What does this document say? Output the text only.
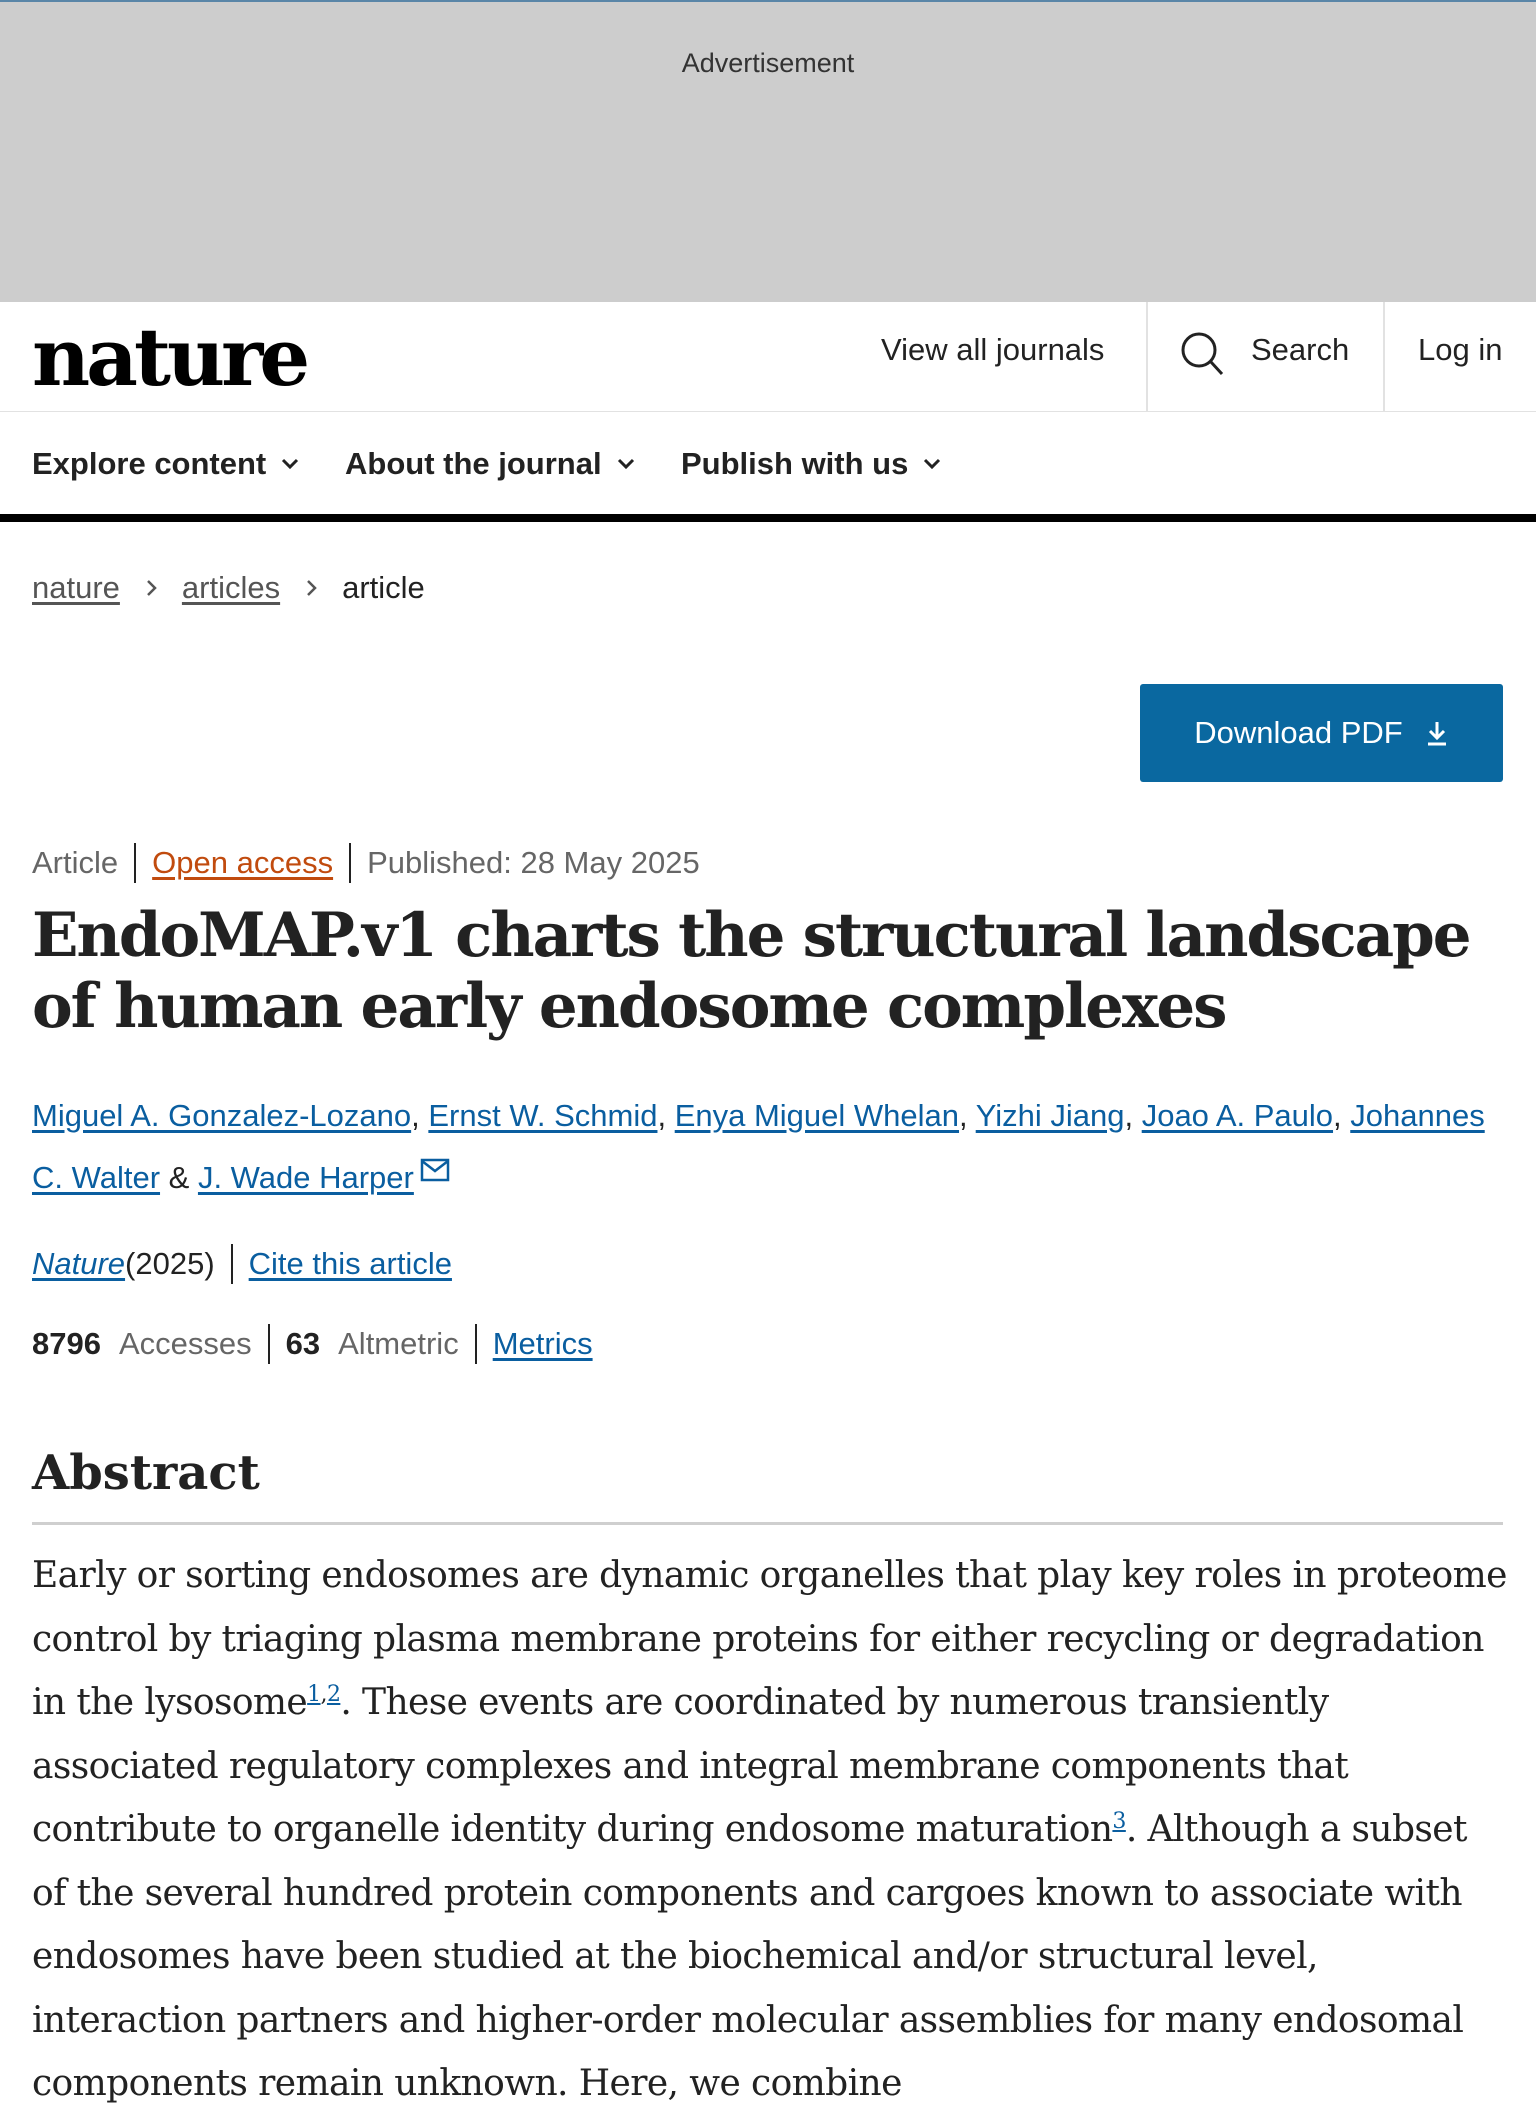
Advertisement
nature	View all journals	Search Log in
Explore content	About the journal	Publish with us
nature articles article
Download PDF
Article Open access Published: 28 May 2025
EndoMAP.v1 charts the structural landscape of human early endosome complexes
Miguel A. Gonzalez-Lozano, Ernst W. Schmid, Enya Miguel Whelan, Yizhi Jiang, Joao A. Paulo, Johannes C. Walter & J. Wade Harper
Nature (2025) Cite this article
8796 Accesses 63 Altmetric Metrics
Abstract

Early or sorting endosomes are dynamic organelles that play key roles in proteome control by triaging plasma membrane proteins for either recycling or degradation in the lysosome$^{1,2}$. These events are coordinated by numerous transiently associated regulatory complexes and integral membrane components that contribute to organelle identity during endosome maturation$^3$. Although a subset of the several hundred protein components and cargoes known to associate with endosomes have been studied at the biochemical and/or structural level, interaction partners and higher-order molecular assemblies for many endosomal components remain unknown. Here, we combine
